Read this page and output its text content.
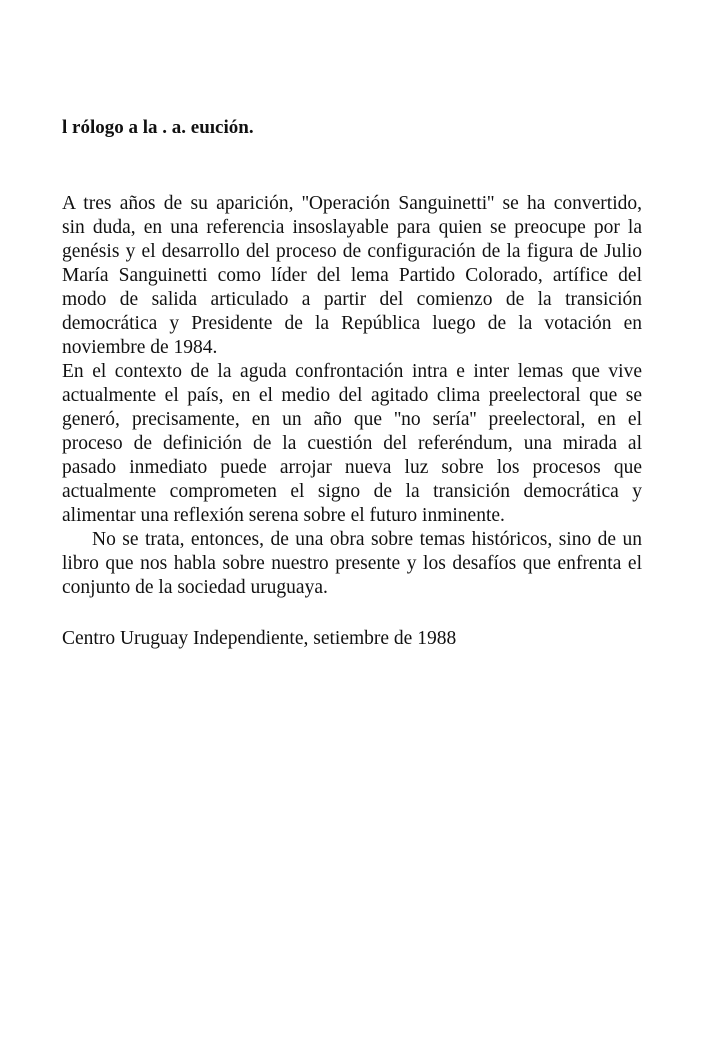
l rólogo a la . a. euıción.
A tres años de su aparición, ''Operación Sanguinetti'' se ha convertido,
sin duda, en una referencia insoslayable para quien se preocupe por la
genésis y el desarrollo del proceso de configuración de la figura de Julio
María Sanguinetti como líder del lema Partido Colorado, artífice del
modo de salida articulado a partir del comienzo de la transición
democrática y Presidente de la República luego de la votación en
noviembre de 1984.
En el contexto de la aguda confrontación intra e inter lemas que vive
actualmente el país, en el medio del agitado clima preelectoral que se
generó, precisamente, en un año que ''no sería'' preelectoral, en el
proceso de definición de la cuestión del referéndum, una mirada al
pasado inmediato puede arrojar nueva luz sobre los procesos que
actualmente comprometen el signo de la transición democrática y
alimentar una reflexión serena sobre el futuro inminente.
No se trata, entonces, de una obra sobre temas históricos, sino de un
libro que nos habla sobre nuestro presente y los desafíos que enfrenta el
conjunto de la sociedad uruguaya.
Centro Uruguay Independiente, setiembre de 1988
